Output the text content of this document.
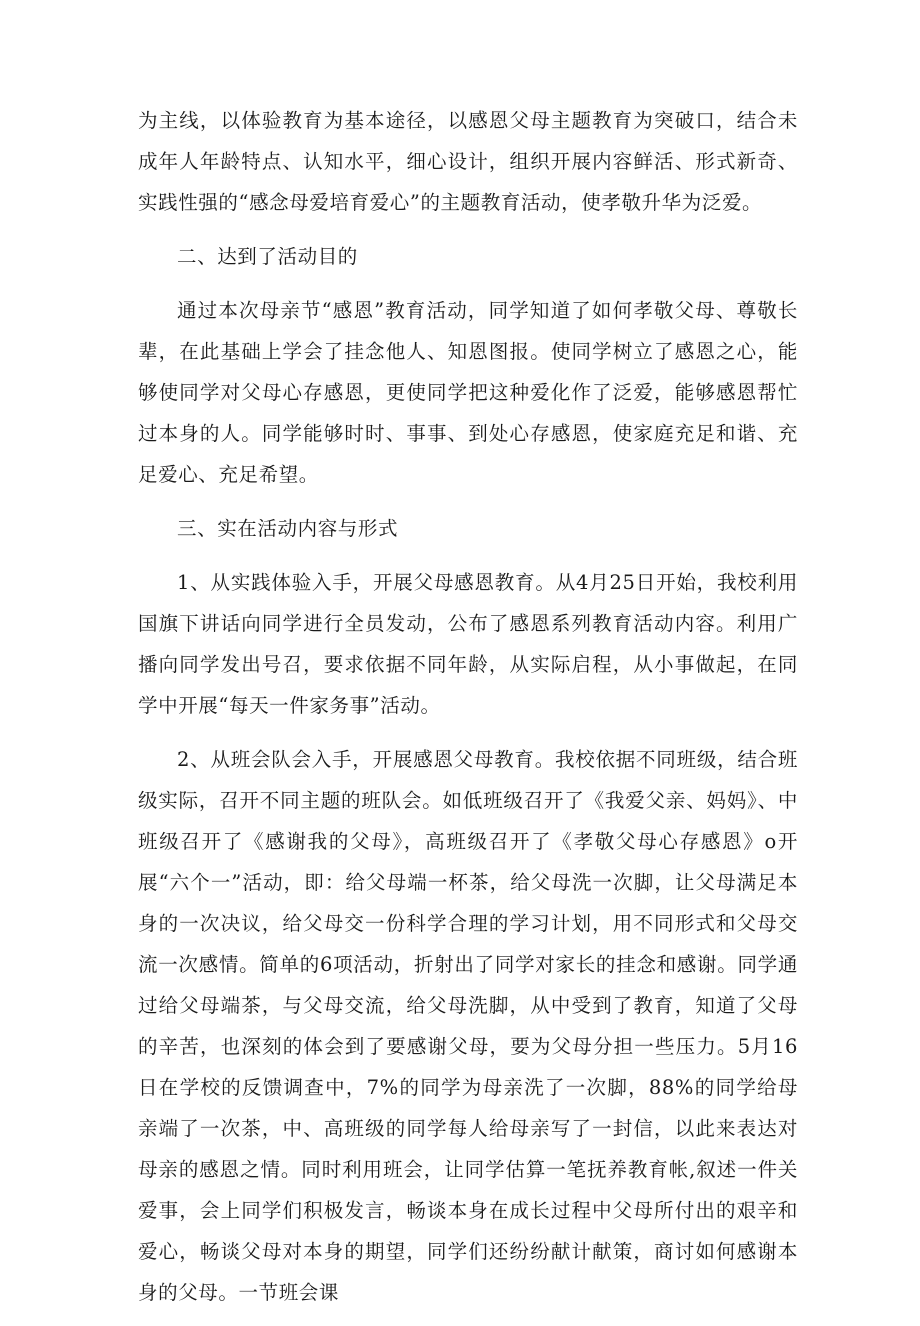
为主线，以体验教育为基本途径，以感恩父母主题教育为突破口，结合未成年人年龄特点、认知水平，细心设计，组织开展内容鲜活、形式新奇、实践性强的“感念母爱培育爱心”的主题教育活动，使孝敬升华为泛爱。

二、达到了活动目的

通过本次母亲节“感恩”教育活动，同学知道了如何孝敬父母、尊敬长辈，在此基础上学会了挂念他人、知恩图报。使同学树立了感恩之心，能够使同学对父母心存感恩，更使同学把这种爱化作了泛爱，能够感恩帮忙过本身的人。同学能够时时、事事、到处心存感恩，使家庭充足和谐、充足爱心、充足希望。

三、实在活动内容与形式

1、从实践体验入手，开展父母感恩教育。从4月25日开始，我校利用国旗下讲话向同学进行全员发动，公布了感恩系列教育活动内容。利用广播向同学发出号召，要求依据不同年龄，从实际启程，从小事做起，在同学中开展“每天一件家务事”活动。

2、从班会队会入手，开展感恩父母教育。我校依据不同班级，结合班级实际，召开不同主题的班队会。如低班级召开了《我爱父亲、妈妈》、中班级召开了《感谢我的父母》，高班级召开了《孝敬父母心存感恩》o开展“六个一”活动，即：给父母端一杯茶，给父母洗一次脚，让父母满足本身的一次决议，给父母交一份科学合理的学习计划，用不同形式和父母交流一次感情。简单的6项活动，折射出了同学对家长的挂念和感谢。同学通过给父母端茶，与父母交流，给父母洗脚，从中受到了教育，知道了父母的辛苦，也深刻的体会到了要感谢父母，要为父母分担一些压力。5月16日在学校的反馈调查中，7%的同学为母亲洗了一次脚，88%的同学给母亲端了一次茶，中、高班级的同学每人给母亲写了一封信，以此来表达对母亲的感恩之情。同时利用班会，让同学估算一笔抚养教育帐,叙述一件关爱事，会上同学们积极发言，畅谈本身在成长过程中父母所付出的艰辛和爱心，畅谈父母对本身的期望，同学们还纷纷献计献策，商讨如何感谢本身的父母。一节班会课
